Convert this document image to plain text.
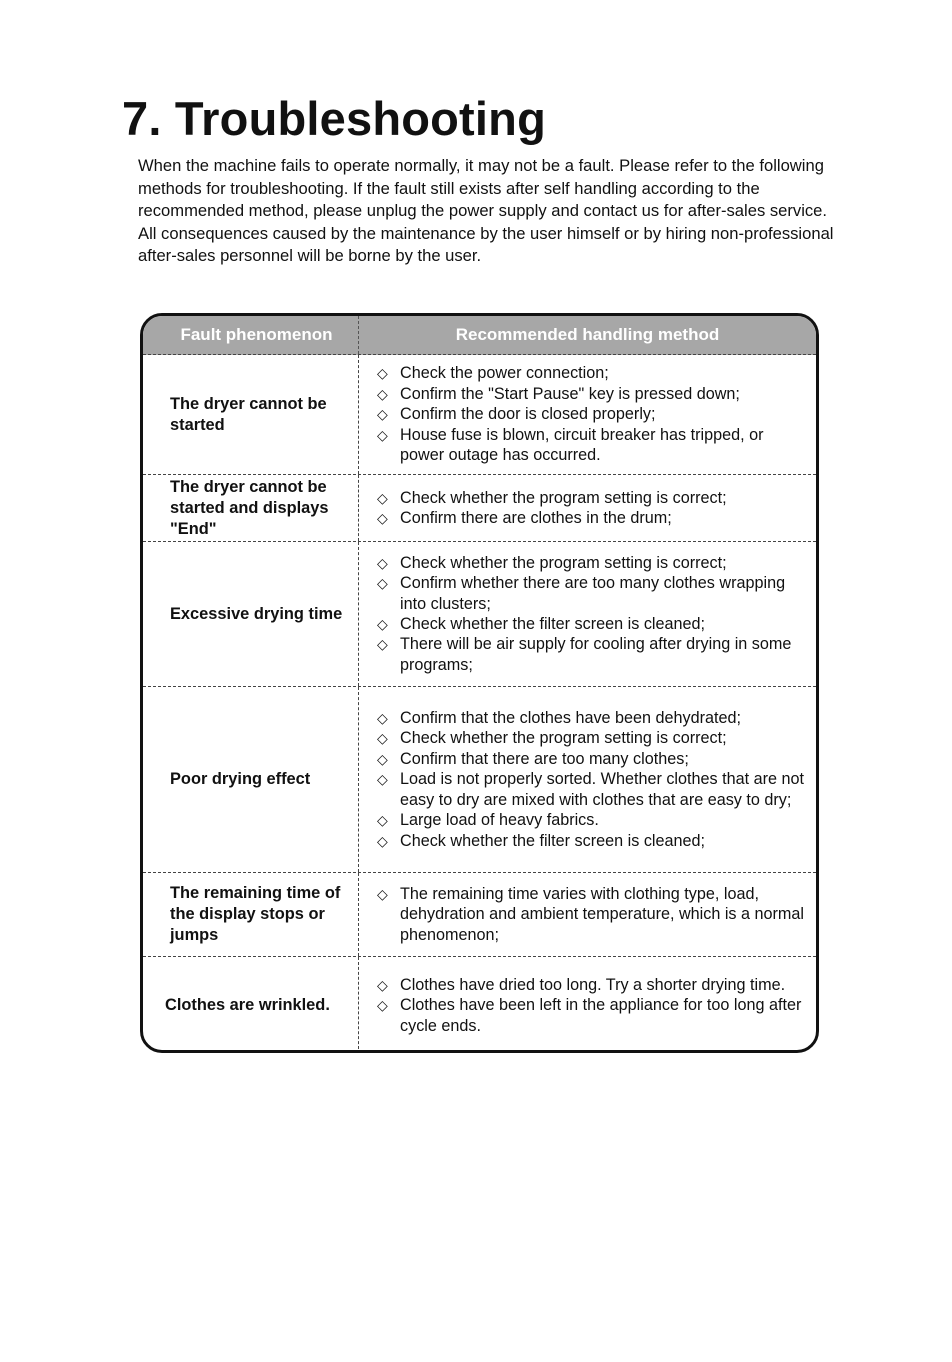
7. Troubleshooting

When the machine fails to operate normally, it may not be a fault. Please refer to the following methods for troubleshooting. If the fault still exists after self handling according to the recommended method, please unplug the power supply and contact us for after-sales service.

All consequences caused by the maintenance by the user himself or by hiring non-professional after-sales personnel will be borne by the user.

Fault phenomenon	Recommended handling method
The dryer cannot be started
◇ Check the power connection;
◇ Confirm the "Start Pause" key is pressed down;
◇ Confirm the door is closed properly;
◇ House fuse is blown, circuit breaker has tripped, or power outage has occurred.
The dryer cannot be started and displays "End"
◇ Check whether the program setting is correct;
◇ Confirm there are clothes in the drum;
Excessive drying time
◇ Check whether the program setting is correct;
◇ Confirm whether there are too many clothes wrapping into clusters;
◇ Check whether the filter screen is cleaned;
◇ There will be air supply for cooling after drying in some programs;
Poor drying effect
◇ Confirm that the clothes have been dehydrated;
◇ Check whether the program setting is correct;
◇ Confirm that there are too many clothes;
◇ Load is not properly sorted. Whether clothes that are not easy to dry are mixed with clothes that are easy to dry;
◇ Large load of heavy fabrics.
◇ Check whether the filter screen is cleaned;
The remaining time of the display stops or jumps
◇ The remaining time varies with clothing type, load, dehydration and ambient temperature, which is a normal phenomenon;
Clothes are wrinkled.
◇ Clothes have dried too long. Try a shorter drying time.
◇ Clothes have been left in the appliance for too long after cycle ends.
